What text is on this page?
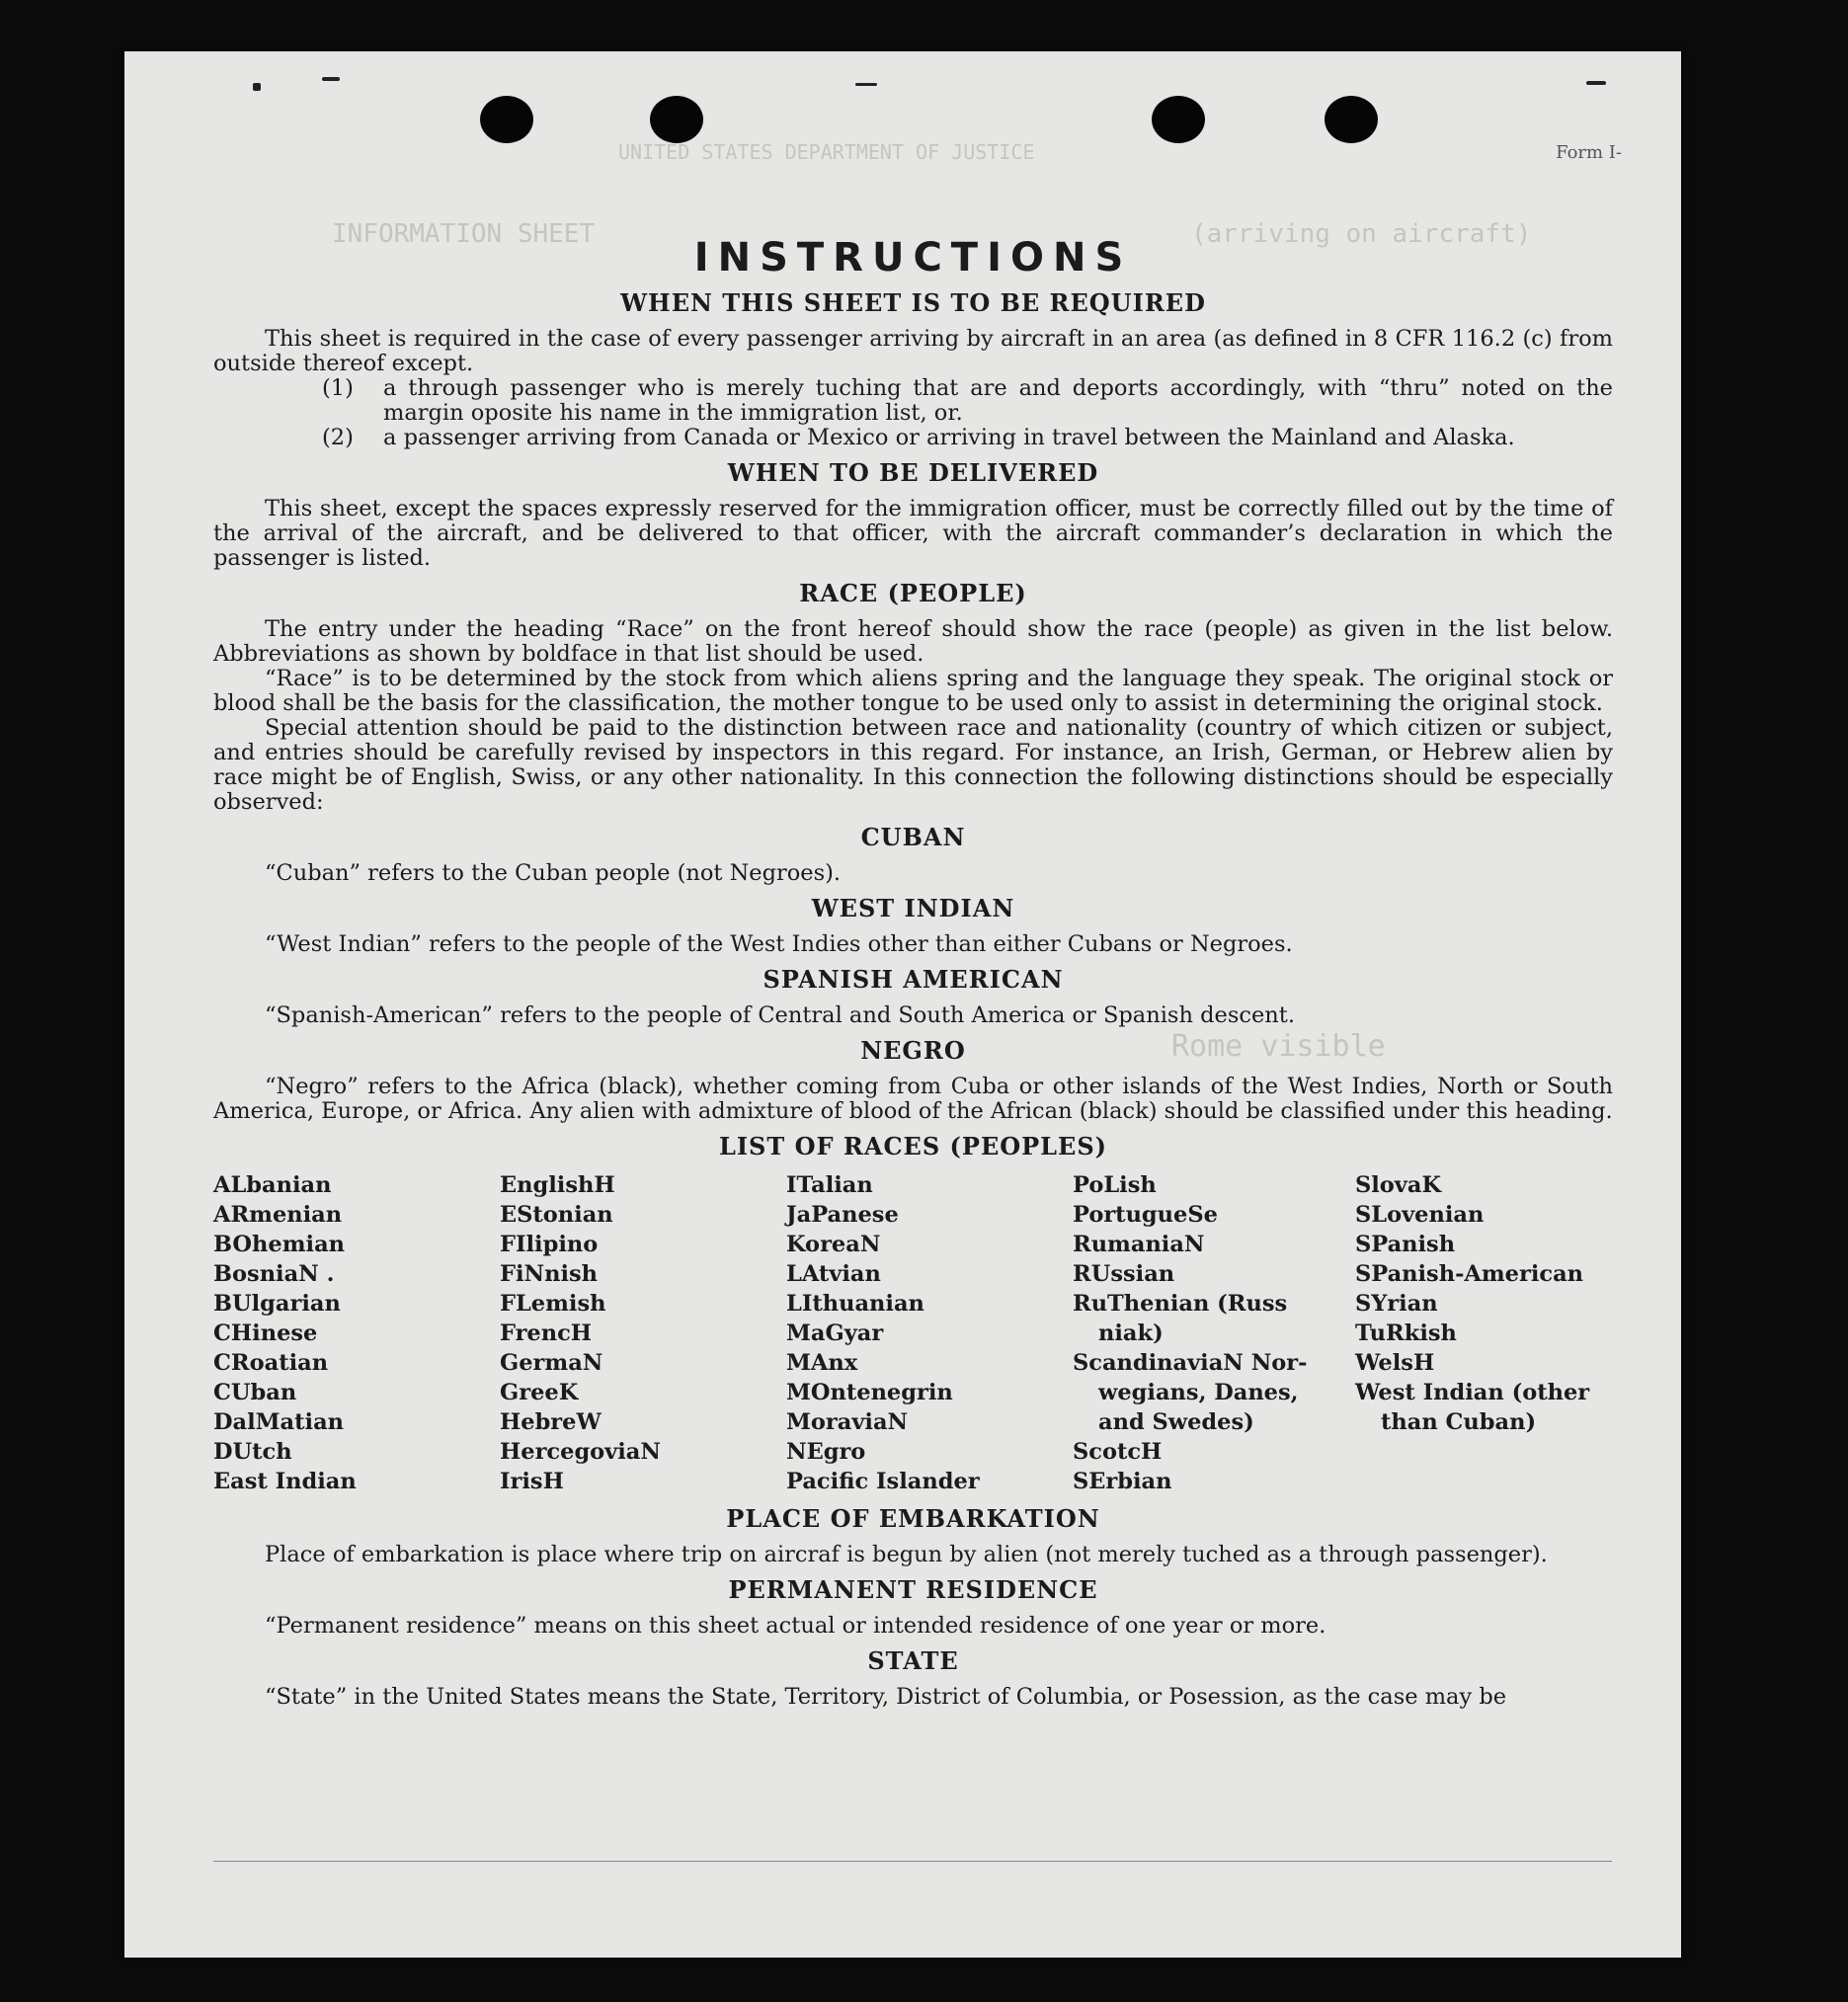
UNITED STATES DEPARTMENT OF JUSTICE
INFORMATION SHEET	(arriving on aircraft)
Rome visible
Form I-
INSTRUCTIONS
WHEN THIS SHEET IS TO BE REQUIRED

This sheet is required in the case of every passenger arriving by aircraft in an area (as defined in 8 CFR 116.2 (c) from outside thereof except.

(1)	a through passenger who is merely tuching that are and deports accordingly, with “thru” noted on the margin oposite his name in the immigration list, or.
(2)	a passenger arriving from Canada or Mexico or arriving in travel between the Mainland and Alaska.
WHEN TO BE DELIVERED

This sheet, except the spaces expressly reserved for the immigration officer, must be correctly filled out by the time of the arrival of the aircraft, and be delivered to that officer, with the aircraft commander’s declaration in which the passenger is listed.

RACE (PEOPLE)

The entry under the heading “Race” on the front hereof should show the race (people) as given in the list below. Abbreviations as shown by boldface in that list should be used.

“Race” is to be determined by the stock from which aliens spring and the language they speak. The original stock or blood shall be the basis for the classification, the mother tongue to be used only to assist in determining the original stock.

Special attention should be paid to the distinction between race and nationality (country of which citizen or subject, and entries should be carefully revised by inspectors in this regard. For instance, an Irish, German, or Hebrew alien by race might be of English, Swiss, or any other nationality. In this connection the following distinctions should be especially observed:

CUBAN

“Cuban” refers to the Cuban people (not Negroes).

WEST INDIAN

“West Indian” refers to the people of the West Indies other than either Cubans or Negroes.

SPANISH AMERICAN

“Spanish-American” refers to the people of Central and South America or Spanish descent.

NEGRO

“Negro” refers to the Africa (black), whether coming from Cuba or other islands of the West Indies, North or South America, Europe, or Africa. Any alien with admixture of blood of the African (black) should be classified under this heading.

LIST OF RACES (PEOPLES)
ALbanian
ARmenian
BOhemian
BosniaN .
BUlgarian
CHinese
CRoatian
CUban
DalMatian
DUtch
East Indian
EnglishH
EStonian
FIlipino
FiNnish
FLemish
FrencH
GermaN
GreeK
HebreW
HercegoviaN
IrisH
ITalian
JaPanese
KoreaN
LAtvian
LIthuanian
MaGyar
MAnx
MOntenegrin
MoraviaN
NEgro
Pacific Islander
PoLish
PortugueSe
RumaniaN
RUssian
RuThenian (Russ
niak)
ScandinaviaN Nor-
wegians, Danes,
and Swedes)
ScotcH
SErbian
SlovaK
SLovenian
SPanish
SPanish-American
SYrian
TuRkish
WelsH
West Indian (other
than Cuban)
PLACE OF EMBARKATION

Place of embarkation is place where trip on aircraf is begun by alien (not merely tuched as a through passenger).

PERMANENT RESIDENCE

“Permanent residence” means on this sheet actual or intended residence of one year or more.

STATE

“State” in the United States means the State, Territory, District of Columbia, or Posession, as the case may be
